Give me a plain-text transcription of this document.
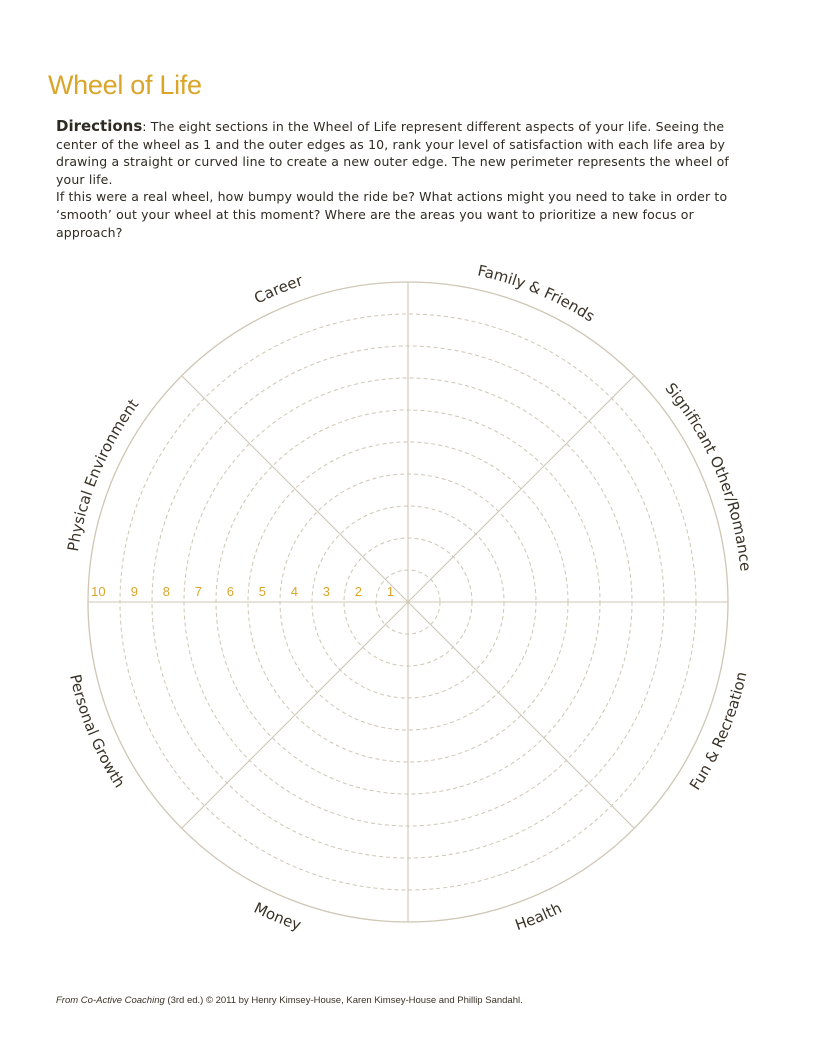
Wheel of Life

Directions: The eight sections in the Wheel of Life represent different aspects of your life. Seeing the center of the wheel as 1 and the outer edges as 10, rank your level of satisfaction with each life area by drawing a straight or curved line to create a new outer edge. The new perimeter represents the wheel of your life.

If this were a real wheel, how bumpy would the ride be? What actions might you need to take in order to ‘smooth’ out your wheel at this moment? Where are the areas you want to prioritize a new focus or approach?

1
2
3
4
5
6
7
8
9
10
Family & Friends
Significant Other/Romance
Fun & Recreation
Health
Money
Personal Growth
Physical Environment
Career
From Co-Active Coaching (3rd ed.) © 2011 by Henry Kimsey-House, Karen Kimsey-House and Phillip Sandahl.
